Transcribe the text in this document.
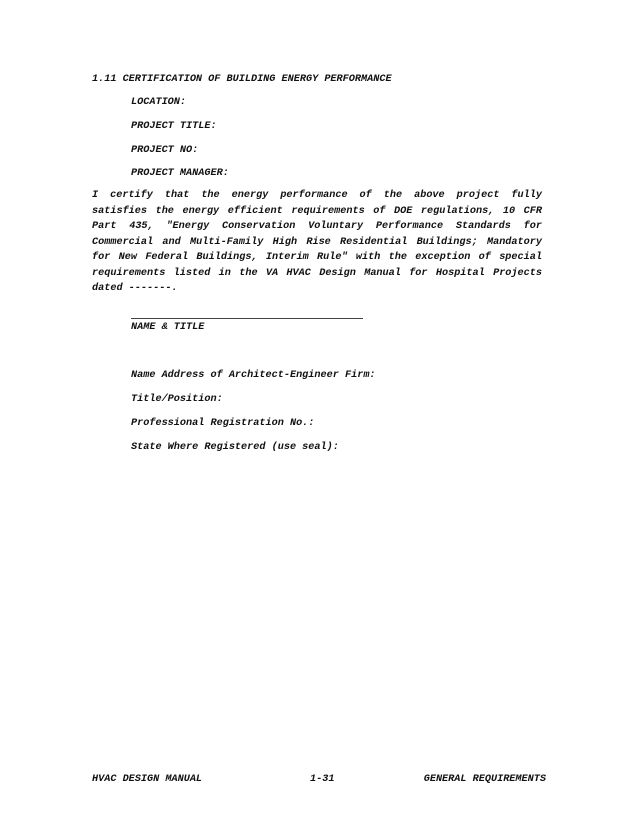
1.11 CERTIFICATION OF BUILDING ENERGY PERFORMANCE
LOCATION:
PROJECT TITLE:
PROJECT NO:
PROJECT MANAGER:
I certify that the energy performance of the above project fully
satisfies the energy efficient requirements of DOE regulations, 10 CFR
Part 435, "Energy Conservation Voluntary Performance Standards for
Commercial and Multi-Family High Rise Residential Buildings; Mandatory
for New Federal Buildings, Interim Rule" with the exception of special
requirements listed in the VA HVAC Design Manual for Hospital Projects
dated -------.
NAME & TITLE
Name Address of Architect-Engineer Firm:
Title/Position:
Professional Registration No.:
State Where Registered (use seal):
HVAC DESIGN MANUAL	1-31	GENERAL REQUIREMENTS
